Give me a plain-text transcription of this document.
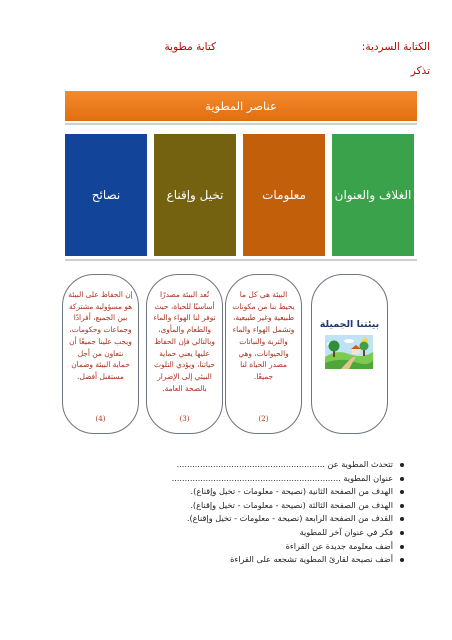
الكتابة السردية:
كتابة مطوية
تذكر
عناصر المطوية
الغلاف والعنوان
معلومات
تخيل وإقناع
نصائح
بيئتنا الجميلة
البيئة هي كل ما يحيط بنا من مكونات طبيعية وغير طبيعية، وتشمل الهواء والماء والتربة والنباتات والحيوانات، وهي مصدر الحياة لنا جميعًا.
(2)
تُعد البيئة مصدرًا أساسيًا للحياة، حيث توفر لنا الهواء والماء والطعام والمأوى، وبالتالي فإن الحفاظ عليها يعني حماية حياتنا، ويؤدي التلوث البيئي إلى الإضرار بالصحة العامة.
(3)
إن الحفاظ على البيئة هو مسؤولية مشتركة بين الجميع، أفرادًا وجماعات وحكومات، ويجب علينا جميعًا أن نتعاون من أجل حماية البيئة وضمان مستقبل أفضل.
(4)
تتحدث المطوية عن .........................................................
عنوان المطوية .................................................................
الهدف من الصفحة الثانية (نصيحة - معلومات - تخيل وإقناع).
الهدف من الصفحة الثالثة (نصيحة - معلومات - تخيل وإقناع).
القدف من الصفحة الرابعة (نصيحة - معلومات - تخيل وإقناع).
فكر في عنوان آخر للمطوية
أضف معلومة جديدة عن القراءة
أضف نصيحة لقارئ المطوية تشجعه على القراءة
